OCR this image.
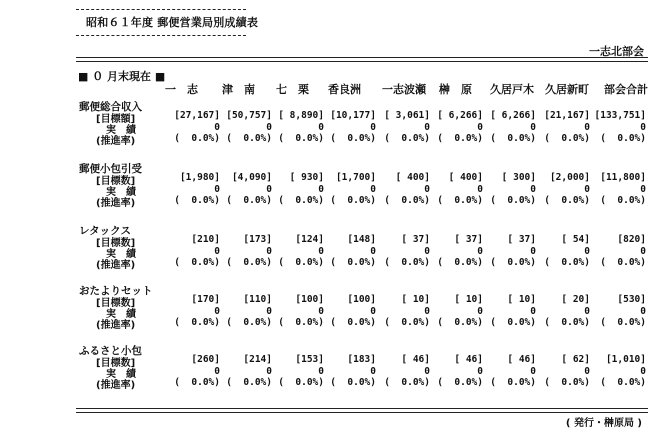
昭和６１年度 郵便営業局別成績表
一志北部会
■ ０ 月末現在 ■
一　志	津　南	七　栗	香良洲	一志波瀬	榊　原	久居戸木	久居新町	部会合計
郵便総合収入
[目標額]
実　績
(推進率)
[27,167] [50,757] [ 8,890] [10,177] [ 3,061] [ 6,266] [ 6,266] [21,167] [133,751]
0	0	0	0	0	0	0	0	0
(  0.0%) (  0.0%) (  0.0%) (  0.0%) (  0.0%) (  0.0%) (  0.0%) (  0.0%) (  0.0%)
郵便小包引受
[目標数]
実　績
(推進率)
[1,980] [4,090] [ 930] [1,700] [ 400] [ 400] [ 300] [2,000] [11,800]
0	0	0	0	0	0	0	0	0
(  0.0%) (  0.0%) (  0.0%) (  0.0%) (  0.0%) (  0.0%) (  0.0%) (  0.0%) (  0.0%)
レタックス
[目標数]
実　績
(推進率)
[210] [173] [124] [148]	[ 37]	[ 37]	[ 37]	[ 54]	[820]
0	0	0	0	0	0	0	0	0
(  0.0%) (  0.0%) (  0.0%) (  0.0%) (  0.0%) (  0.0%) (  0.0%) (  0.0%) (  0.0%)
おたよりセット
[目標数]
実　績
(推進率)
[170] [110] [100] [100]	[ 10]	[ 10]	[ 10]	[ 20]	[530]
0	0	0	0	0	0	0	0	0
(  0.0%) (  0.0%) (  0.0%) (  0.0%) (  0.0%) (  0.0%) (  0.0%) (  0.0%) (  0.0%)
ふるさと小包
[目標数]
実　績
(推進率)
[260] [214] [153] [183]	[ 46]	[ 46]	[ 46]	[ 62] [1,010]
0	0	0	0	0	0	0	0	0
(  0.0%) (  0.0%) (  0.0%) (  0.0%) (  0.0%) (  0.0%) (  0.0%) (  0.0%) (  0.0%)
( 発行・榊原局 )
